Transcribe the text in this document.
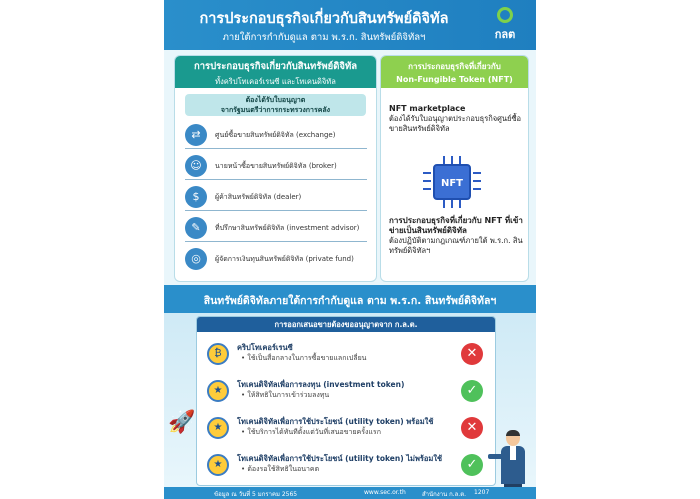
การประกอบธุรกิจเกี่ยวกับสินทรัพย์ดิจิทัล
ภายใต้การกำกับดูแล ตาม พ.ร.ก. สินทรัพย์ดิจิทัลฯ	กลต
การประกอบธุรกิจเกี่ยวกับสินทรัพย์ดิจิทัล
ทั้งคริปโทเคอร์เรนซี และโทเคนดิจิทัล
ต้องได้รับใบอนุญาต
จากรัฐมนตรีว่าการกระทรวงการคลัง
⇄	ศูนย์ซื้อขายสินทรัพย์ดิจิทัล (exchange)
☺	นายหน้าซื้อขายสินทรัพย์ดิจิทัล (broker)
$	ผู้ค้าสินทรัพย์ดิจิทัล (dealer)
✎	ที่ปรึกษาสินทรัพย์ดิจิทัล (investment advisor)
◎	ผู้จัดการเงินทุนสินทรัพย์ดิจิทัล (private fund)
การประกอบธุรกิจที่เกี่ยวกับ
Non-Fungible Token (NFT)
NFT marketplace
ต้องได้รับใบอนุญาตประกอบธุรกิจศูนย์ซื้อขายสินทรัพย์ดิจิทัล
NFT
การประกอบธุรกิจที่เกี่ยวกับ NFT ที่เข้าข่ายเป็นสินทรัพย์ดิจิทัล
ต้องปฏิบัติตามกฎเกณฑ์ภายใต้ พ.ร.ก. สินทรัพย์ดิจิทัลฯ
สินทรัพย์ดิจิทัลภายใต้การกำกับดูแล ตาม พ.ร.ก. สินทรัพย์ดิจิทัลฯ
🚀
การออกเสนอขายต้องขออนุญาตจาก ก.ล.ต.
₿
คริปโทเคอร์เรนซี
• ใช้เป็นสื่อกลางในการซื้อขายแลกเปลี่ยน	✕
★
โทเคนดิจิทัลเพื่อการลงทุน (investment token)
• ให้สิทธิในการเข้าร่วมลงทุน	✓
★
โทเคนดิจิทัลเพื่อการใช้ประโยชน์ (utility token) พร้อมใช้
• ใช้บริการได้ทันทีตั้งแต่วันที่เสนอขายครั้งแรก	✕
★
โทเคนดิจิทัลเพื่อการใช้ประโยชน์ (utility token) ไม่พร้อมใช้
• ต้องรอใช้สิทธิในอนาคต	✓
ข้อมูล ณ วันที่ 5 มกราคม 2565	www.sec.or.th	สำนักงาน ก.ล.ต. 1207
